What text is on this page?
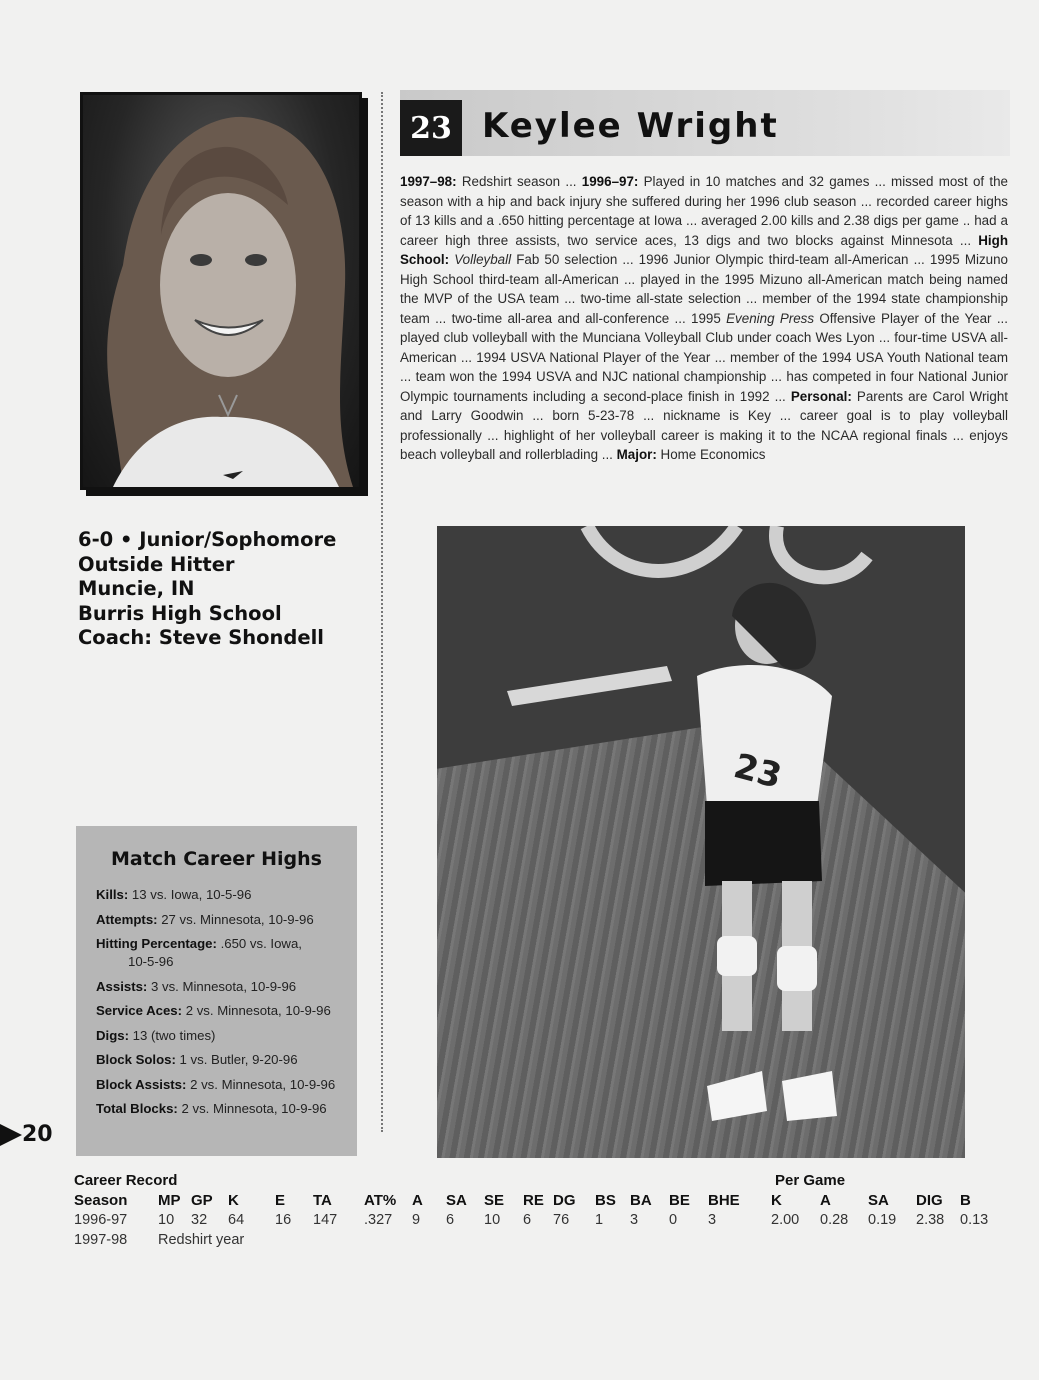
23 Keylee Wright
1997–98: Redshirt season ... 1996–97: Played in 10 matches and 32 games ... missed most of the season with a hip and back injury she suffered during her 1996 club season ... recorded career highs of 13 kills and a .650 hitting percentage at Iowa ... averaged 2.00 kills and 2.38 digs per game .. had a career high three assists, two service aces, 13 digs and two blocks against Minnesota ... High School: Volleyball Fab 50 selection ... 1996 Junior Olympic third-team all-American ... 1995 Mizuno High School third-team all-American ... played in the 1995 Mizuno all-American match being named the MVP of the USA team ... two-time all-state selection ... member of the 1994 state championship team ... two-time all-area and all-conference ... 1995 Evening Press Offensive Player of the Year ... played club volleyball with the Munciana Volleyball Club under coach Wes Lyon ... four-time USVA all-American ... 1994 USVA National Player of the Year ... member of the 1994 USA Youth National team ... team won the 1994 USVA and NJC national championship ... has competed in four National Junior Olympic tournaments including a second-place finish in 1992 ... Personal: Parents are Carol Wright and Larry Goodwin ... born 5-23-78 ... nickname is Key ... career goal is to play volleyball professionally ... highlight of her volleyball career is making it to the NCAA regional finals ... enjoys beach volleyball and rollerblading ... Major: Home Economics
6-0 • Junior/Sophomore
Outside Hitter
Muncie, IN
Burris High School
Coach: Steve Shondell
23
Match Career Highs
Kills: 13 vs. Iowa, 10-5-96
Attempts: 27 vs. Minnesota, 10-9-96
Hitting Percentage: .650 vs. Iowa,
10-5-96
Assists: 3 vs. Minnesota, 10-9-96
Service Aces: 2 vs. Minnesota, 10-9-96
Digs: 13 (two times)
Block Solos: 1 vs. Butler, 9-20-96
Block Assists: 2 vs. Minnesota, 10-9-96
Total Blocks: 2 vs. Minnesota, 10-9-96
20
Career Record	Per Game
Season MP GP K E TA AT% A SA SE RE DG BS BA BE BHE K	A SA DIG B
1996-97 10 32 64 16 147 .327 9 6 10 6 76 1 3 0 3	2.00 0.28 0.19 2.38 0.13
1997-98 Redshirt year
